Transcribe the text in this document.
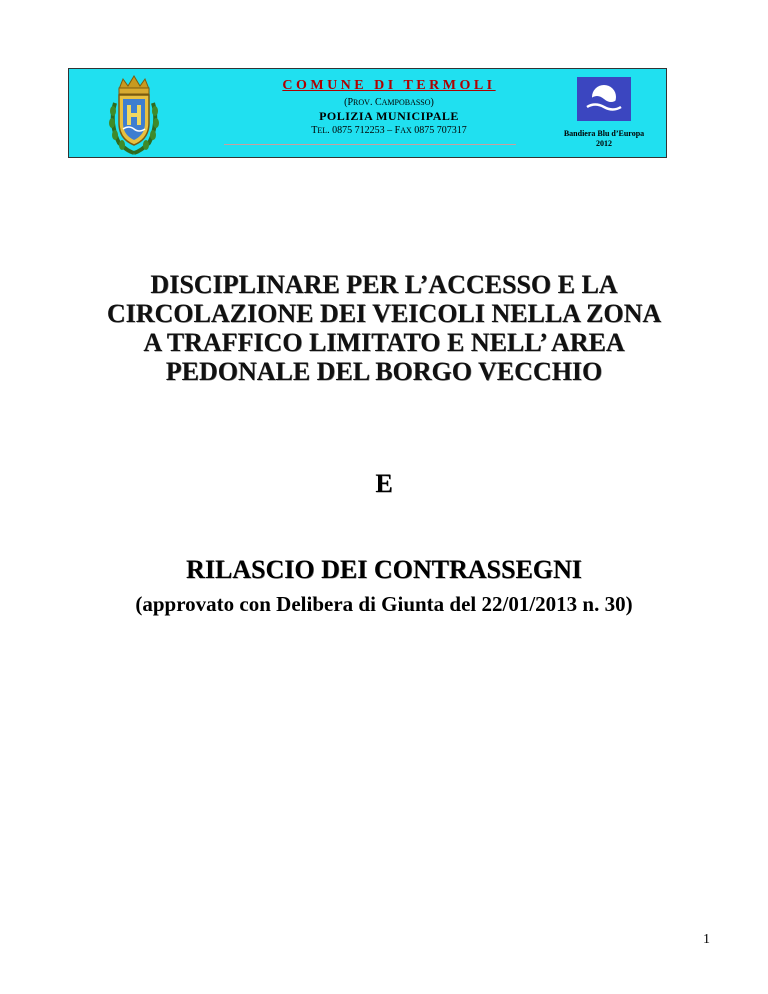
COMUNE DI TERMOLI
(PROV. CAMPOBASSO)
POLIZIA MUNICIPALE
TEL. 0875 712253 – FAX 0875 707317	Bandiera Blu d’Europa
2012
DISCIPLINARE PER L’ACCESSO E LA
CIRCOLAZIONE DEI VEICOLI NELLA ZONA
A TRAFFICO LIMITATO E NELL’ AREA
PEDONALE DEL BORGO VECCHIO
E
RILASCIO DEI CONTRASSEGNI
(approvato con Delibera di Giunta del 22/01/2013 n. 30)
1
